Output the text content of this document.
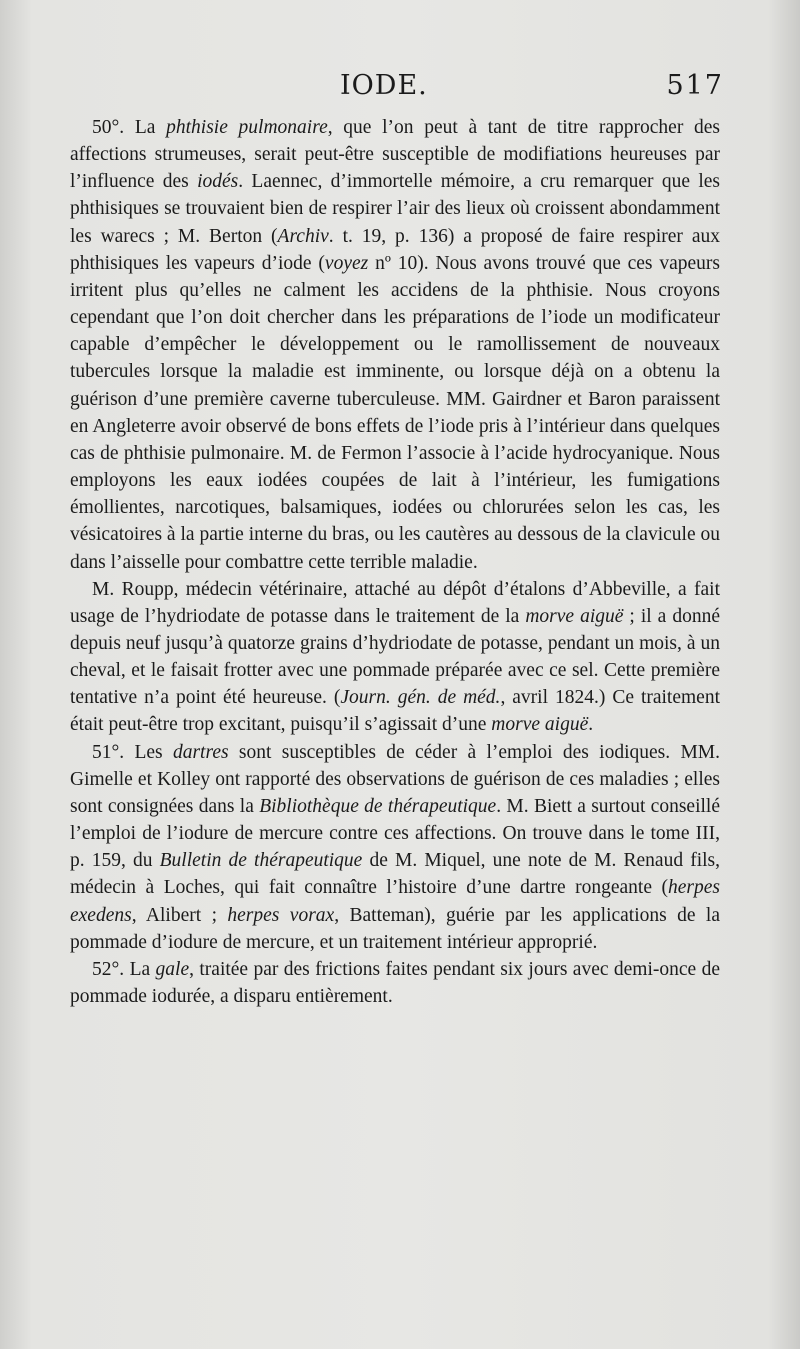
IODE.	517

50°. La phthisie pulmonaire, que l’on peut à tant de titre rapprocher des affections strumeuses, serait peut-être susceptible de modifiations heureuses par l’influence des iodés. Laennec, d’immortelle mémoire, a cru remarquer que les phthisiques se trouvaient bien de respirer l’air des lieux où croissent abondamment les warecs ; M. Berton (Archiv. t. 19, p. 136) a proposé de faire respirer aux phthisiques les vapeurs d’iode (voyez nº 10). Nous avons trouvé que ces vapeurs irritent plus qu’elles ne calment les accidens de la phthisie. Nous croyons cependant que l’on doit chercher dans les préparations de l’iode un modificateur capable d’empêcher le développement ou le ramollissement de nouveaux tubercules lorsque la maladie est imminente, ou lorsque déjà on a obtenu la guérison d’une première caverne tuberculeuse. MM. Gairdner et Baron paraissent en Angleterre avoir observé de bons effets de l’iode pris à l’intérieur dans quelques cas de phthisie pulmonaire. M. de Fermon l’associe à l’acide hydrocyanique. Nous employons les eaux iodées coupées de lait à l’intérieur, les fumigations émollientes, narcotiques, balsamiques, iodées ou chlorurées selon les cas, les vésicatoires à la partie interne du bras, ou les cautères au dessous de la clavicule ou dans l’aisselle pour combattre cette terrible maladie.

M. Roupp, médecin vétérinaire, attaché au dépôt d’étalons d’Abbeville, a fait usage de l’hydriodate de potasse dans le traitement de la morve aiguë ; il a donné depuis neuf jusqu’à quatorze grains d’hydriodate de potasse, pendant un mois, à un cheval, et le faisait frotter avec une pommade préparée avec ce sel. Cette première tentative n’a point été heureuse. (Journ. gén. de méd., avril 1824.) Ce traitement était peut-être trop excitant, puisqu’il s’agissait d’une morve aiguë.

51°. Les dartres sont susceptibles de céder à l’emploi des iodiques. MM. Gimelle et Kolley ont rapporté des observations de guérison de ces maladies ; elles sont consignées dans la Bibliothèque de thérapeutique. M. Biett a surtout conseillé l’emploi de l’iodure de mercure contre ces affections. On trouve dans le tome III, p. 159, du Bulletin de thérapeutique de M. Miquel, une note de M. Renaud fils, médecin à Loches, qui fait connaître l’histoire d’une dartre rongeante (herpes exedens, Alibert ; herpes vorax, Batteman), guérie par les applications de la pommade d’iodure de mercure, et un traitement intérieur approprié.

52°. La gale, traitée par des frictions faites pendant six jours avec demi-once de pommade iodurée, a disparu entièrement.
